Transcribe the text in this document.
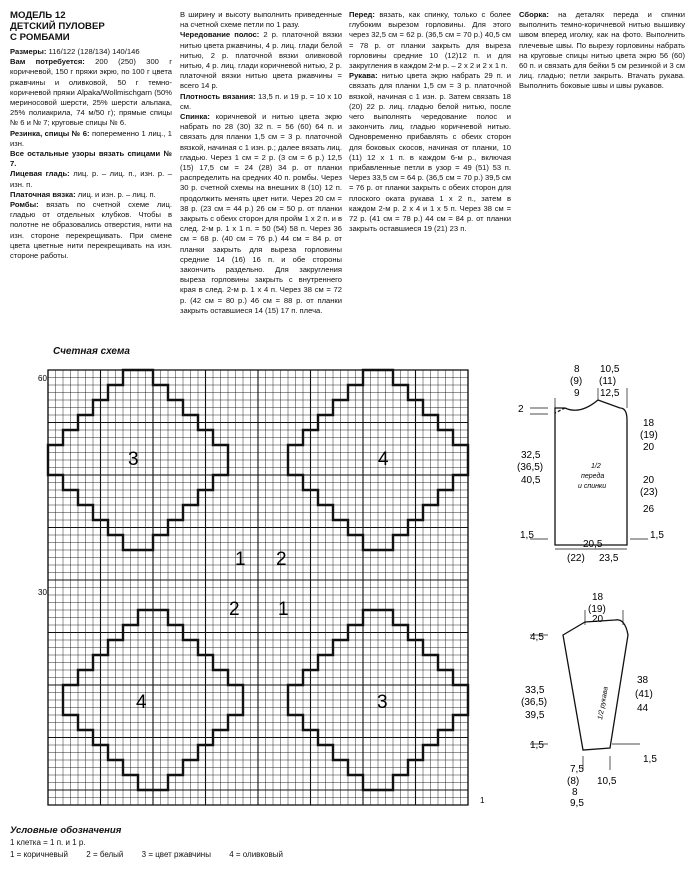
МОДЕЛЬ 12
ДЕТСКИЙ ПУЛОВЕР
С РОМБАМИ

Размеры: 116/122 (128/134) 140/146

Вам потребуется: 200 (250) 300 г коричневой, 150 г пряжи экрю, по 100 г цвета ржавчины и оливковой, 50 г темно-коричневой пряжи Alpaka/Wollmischgarn (50% мериносовой шерсти, 25% шерсти альпака, 25% полиакрила, 74 м/50 г); прямые спицы № 6 и № 7; круговые спицы № 6.

Резинка, спицы № 6: попеременно 1 лиц., 1 изн.

Все остальные узоры вязать спицами № 7.

Лицевая гладь: лиц. р. – лиц. п., изн. р. – изн. п.

Платочная вязка: лиц. и изн. р. – лиц. п.

Ромбы: вязать по счетной схеме лиц. гладью от отдельных клубков. Чтобы в полотне не образовались отверстия, нити на изн. стороне перекрещивать. При смене цвета цветные нити перекрещивать на изн. стороне работы.

В ширину и высоту выполнить приведенные на счетной схеме петли по 1 разу.

Чередование полос: 2 р. платочной вязки нитью цвета ржавчины, 4 р. лиц. глади белой нитью, 2 р. платочной вязки оливковой нитью, 4 р. лиц. глади коричневой нитью, 2 р. платочной вязки нитью цвета ржавчины = всего 14 р.

Плотность вязания: 13,5 п. и 19 р. = 10 х 10 см.

Спинка: коричневой и нитью цвета экрю набрать по 28 (30) 32 п. = 56 (60) 64 п. и связать для планки 1,5 см = 3 р. платочной вязкой, начиная с 1 изн. р.; далее вязать лиц. гладью. Через 1 см = 2 р. (3 см = 6 р.) 12,5 (15) 17,5 см = 24 (28) 34 р. от планки распределить на средних 40 п. ромбы. Через 30 р. счетной схемы на внешних 8 (10) 12 п. продолжить менять цвет нити. Через 20 см = 38 р. (23 см = 44 р.) 26 см = 50 р. от планки закрыть с обеих сторон для пройм 1 х 2 п. и в след. 2-м р. 1 х 1 п. = 50 (54) 58 п. Через 36 см = 68 р. (40 см = 76 р.) 44 см = 84 р. от планки закрыть для выреза горловины средние 14 (16) 16 п. и обе стороны закончить раздельно. Для закругления выреза горловины закрыть с внутреннего края в след. 2-м р. 1 х 4 п. Через 38 см = 72 р. (42 см = 80 р.) 46 см = 88 р. от планки закрыть оставшиеся 14 (15) 17 п. плеча.

Перед: вязать, как спинку, только с более глубоким вырезом горловины. Для этого через 32,5 см = 62 р. (36,5 см = 70 р.) 40,5 см = 78 р. от планки закрыть для выреза горловины средние 10 (12)12 п. и для закругления в каждом 2-м р. – 2 х 2 и 2 х 1 п.

Рукава: нитью цвета экрю набрать 29 п. и связать для планки 1,5 см = 3 р. платочной вязкой, начиная с 1 изн. р. Затем связать 18 (20) 22 р. лиц. гладью белой нитью, после чего выполнять чередование полос и закончить лиц. гладью коричневой нитью. Одновременно прибавлять с обеих сторон для боковых скосов, начиная от планки, 10 (11) 12 х 1 п. в каждом 6-м р., включая прибавленные петли в узор = 49 (51) 53 п. Через 33,5 см = 64 р. (36,5 см = 70 р.) 39,5 см = 76 р. от планки закрыть с обеих сторон для плоского оката рукава 1 х 2 п., затем в каждом 2-м р. 2 х 4 и 1 х 5 п. Через 38 см = 72 р. (41 см = 78 р.) 44 см = 84 р. от планки закрыть оставшиеся 19 (21) 23 п.

Сборка: на деталях переда и спинки выполнить темно-коричневой нитью вышивку швом вперед иголку, как на фото. Выполнить плечевые швы. По вырезу горловины набрать на круговые спицы нитью цвета экрю 56 (60) 60 п. и связать для бейки 5 см резинкой и 3 см лиц. гладью; петли закрыть. Втачать рукава. Выполнить боковые швы и швы рукавов.

Счетная схема
60
30
1
3	4
4	3
1 2
2 1
8
(9)
9
10,5
(11)
12,5
2
32,5
(36,5)
40,5
18
(19)
20
20
(23)
26
1/2
переда
и спинки
1,5	1,5
20,5
(22) 23,5
18
(19)
20
4,5
33,5
(36,5)
39,5
38
(41)
44
1/2 рукава
1,5
1,5
7,5
(8)
8
9,5
10,5
Условные обозначения
1 клетка = 1 п. и 1 р.
1 = коричневый 2 = белый 3 = цвет ржавчины 4 = оливковый
